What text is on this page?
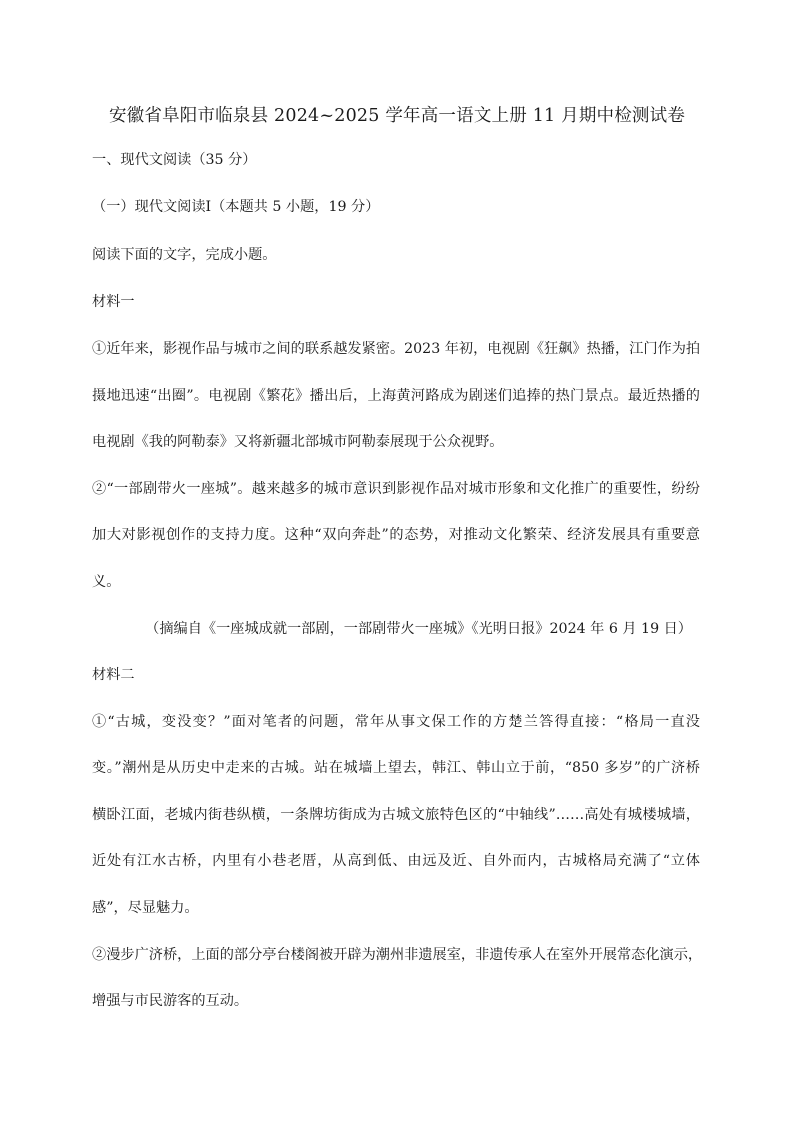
安徽省阜阳市临泉县 2024~2025 学年高一语文上册 11 月期中检测试卷
一、现代文阅读（35 分）
（一）现代文阅读Ⅰ（本题共 5 小题，19 分）
阅读下面的文字，完成小题。
材料一
①近年来，影视作品与城市之间的联系越发紧密。2023 年初，电视剧《狂飙》热播，江门作为拍
摄地迅速“出圈”。电视剧《繁花》播出后，上海黄河路成为剧迷们追捧的热门景点。最近热播的
电视剧《我的阿勒泰》又将新疆北部城市阿勒泰展现于公众视野。
②“一部剧带火一座城”。越来越多的城市意识到影视作品对城市形象和文化推广的重要性，纷纷
加大对影视创作的支持力度。这种“双向奔赴”的态势，对推动文化繁荣、经济发展具有重要意
义。
（摘编自《一座城成就一部剧，一部剧带火一座城》《光明日报》2024 年 6 月 19 日）
材料二
①“古城，变没变？”面对笔者的问题，常年从事文保工作的方楚兰答得直接：“格局一直没
变。”潮州是从历史中走来的古城。站在城墙上望去，韩江、韩山立于前，“850 多岁”的广济桥
横卧江面，老城内街巷纵横，一条牌坊街成为古城文旅特色区的“中轴线”……高处有城楼城墙，
近处有江水古桥，内里有小巷老厝，从高到低、由远及近、自外而内，古城格局充满了“立体
感”，尽显魅力。
②漫步广济桥，上面的部分亭台楼阁被开辟为潮州非遗展室，非遗传承人在室外开展常态化演示，
增强与市民游客的互动。
